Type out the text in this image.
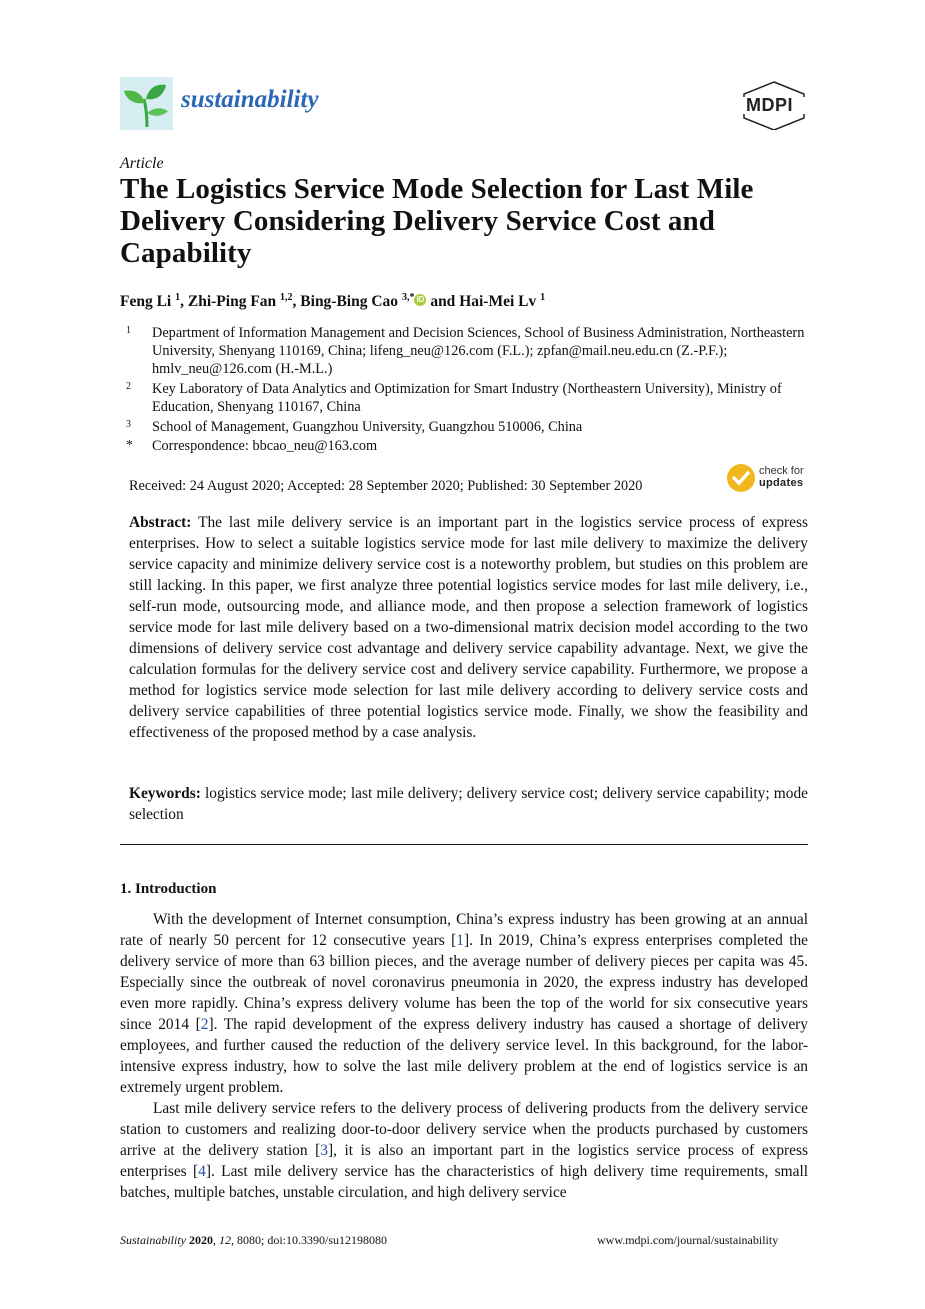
sustainability	MDPI
Article
The Logistics Service Mode Selection for Last Mile Delivery Considering Delivery Service Cost and Capability
Feng Li $^1$, Zhi-Ping Fan $^{1,2}$, Bing-Bing Cao $^{3,*}$ iD and Hai-Mei Lv $^1$
1 Department of Information Management and Decision Sciences, School of Business Administration, Northeastern University, Shenyang 110169, China; lifeng_neu@126.com (F.L.); zpfan@mail.neu.edu.cn (Z.-P.F.); hmlv_neu@126.com (H.-M.L.)
2 Key Laboratory of Data Analytics and Optimization for Smart Industry (Northeastern University), Ministry of Education, Shenyang 110167, China
3 School of Management, Guangzhou University, Guangzhou 510006, China
* Correspondence: bbcao_neu@163.com
Received: 24 August 2020; Accepted: 28 September 2020; Published: 30 September 2020
check for
updates
Abstract: The last mile delivery service is an important part in the logistics service process of express enterprises. How to select a suitable logistics service mode for last mile delivery to maximize the delivery service capacity and minimize delivery service cost is a noteworthy problem, but studies on this problem are still lacking. In this paper, we first analyze three potential logistics service modes for last mile delivery, i.e., self-run mode, outsourcing mode, and alliance mode, and then propose a selection framework of logistics service mode for last mile delivery based on a two-dimensional matrix decision model according to the two dimensions of delivery service cost advantage and delivery service capability advantage. Next, we give the calculation formulas for the delivery service cost and delivery service capability. Furthermore, we propose a method for logistics service mode selection for last mile delivery according to delivery service costs and delivery service capabilities of three potential logistics service mode. Finally, we show the feasibility and effectiveness of the proposed method by a case analysis.
Keywords: logistics service mode; last mile delivery; delivery service cost; delivery service capability; mode selection
1. Introduction
With the development of Internet consumption, China’s express industry has been growing at an annual rate of nearly 50 percent for 12 consecutive years [1]. In 2019, China’s express enterprises completed the delivery service of more than 63 billion pieces, and the average number of delivery pieces per capita was 45. Especially since the outbreak of novel coronavirus pneumonia in 2020, the express industry has developed even more rapidly. China’s express delivery volume has been the top of the world for six consecutive years since 2014 [2]. The rapid development of the express delivery industry has caused a shortage of delivery employees, and further caused the reduction of the delivery service level. In this background, for the labor-intensive express industry, how to solve the last mile delivery problem at the end of logistics service is an extremely urgent problem.
Last mile delivery service refers to the delivery process of delivering products from the delivery service station to customers and realizing door-to-door delivery service when the products purchased by customers arrive at the delivery station [3], it is also an important part in the logistics service process of express enterprises [4]. Last mile delivery service has the characteristics of high delivery time requirements, small batches, multiple batches, unstable circulation, and high delivery service
Sustainability 2020, 12, 8080; doi:10.3390/su12198080	www.mdpi.com/journal/sustainability
